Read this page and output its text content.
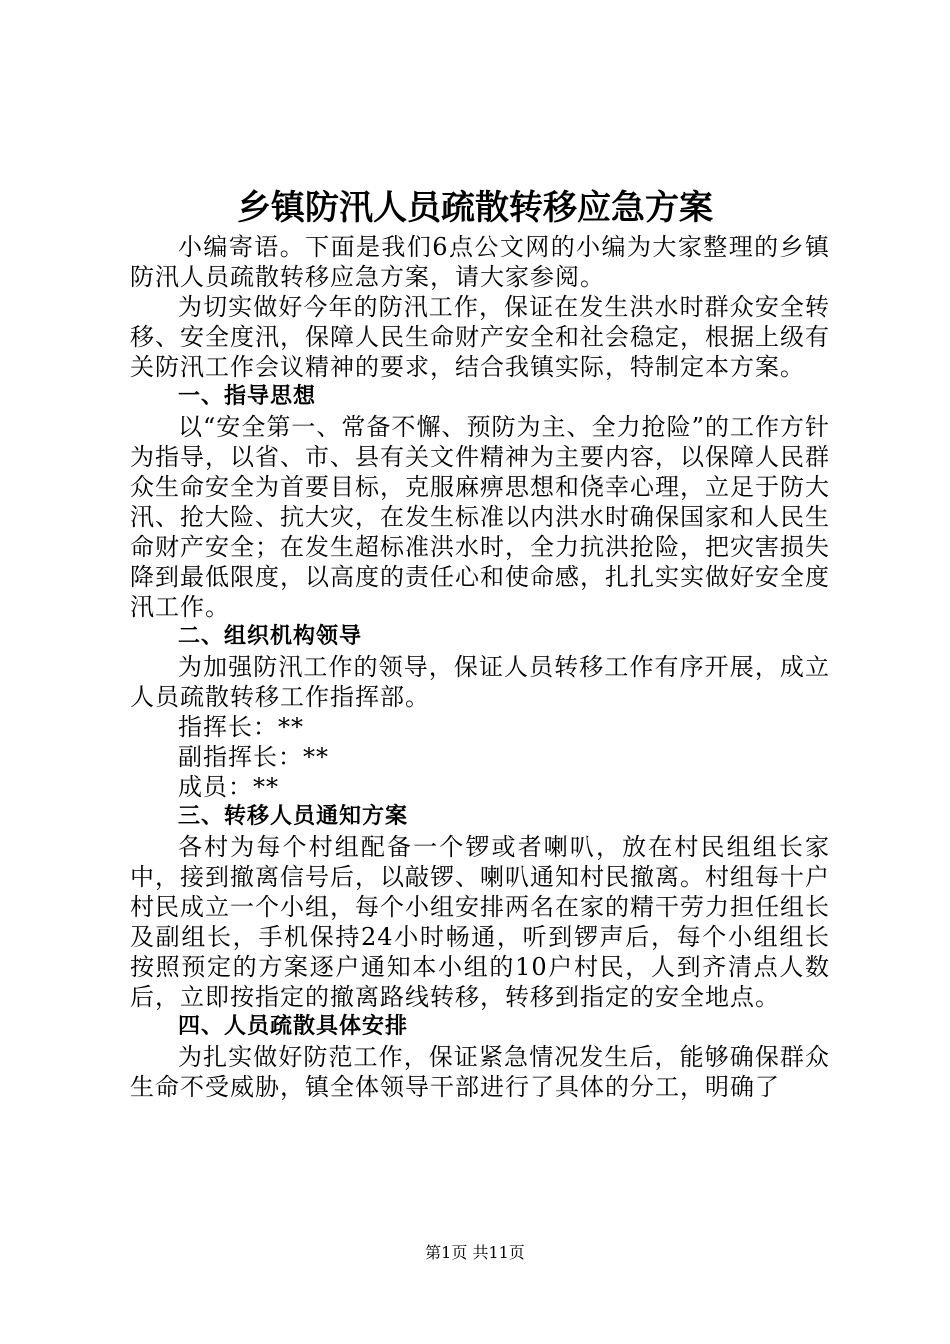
乡镇防汛人员疏散转移应急方案

小编寄语。下面是我们6点公文网的小编为大家整理的乡镇防汛人员疏散转移应急方案，请大家参阅。

为切实做好今年的防汛工作，保证在发生洪水时群众安全转移、安全度汛，保障人民生命财产安全和社会稳定，根据上级有关防汛工作会议精神的要求，结合我镇实际，特制定本方案。

一、指导思想

以“安全第一、常备不懈、预防为主、全力抢险”的工作方针为指导，以省、市、县有关文件精神为主要内容，以保障人民群众生命安全为首要目标，克服麻痹思想和侥幸心理，立足于防大汛、抢大险、抗大灾，在发生标准以内洪水时确保国家和人民生命财产安全；在发生超标准洪水时，全力抗洪抢险，把灾害损失降到最低限度，以高度的责任心和使命感，扎扎实实做好安全度汛工作。

二、组织机构领导

为加强防汛工作的领导，保证人员转移工作有序开展，成立人员疏散转移工作指挥部。

指挥长：**

副指挥长：**

成员：**

三、转移人员通知方案

各村为每个村组配备一个锣或者喇叭，放在村民组组长家中，接到撤离信号后，以敲锣、喇叭通知村民撤离。村组每十户村民成立一个小组，每个小组安排两名在家的精干劳力担任组长及副组长，手机保持24小时畅通，听到锣声后，每个小组组长按照预定的方案逐户通知本小组的10户村民，人到齐清点人数后，立即按指定的撤离路线转移，转移到指定的安全地点。

四、人员疏散具体安排

为扎实做好防范工作，保证紧急情况发生后，能够确保群众生命不受威胁，镇全体领导干部进行了具体的分工，明确了

第1页 共11页
